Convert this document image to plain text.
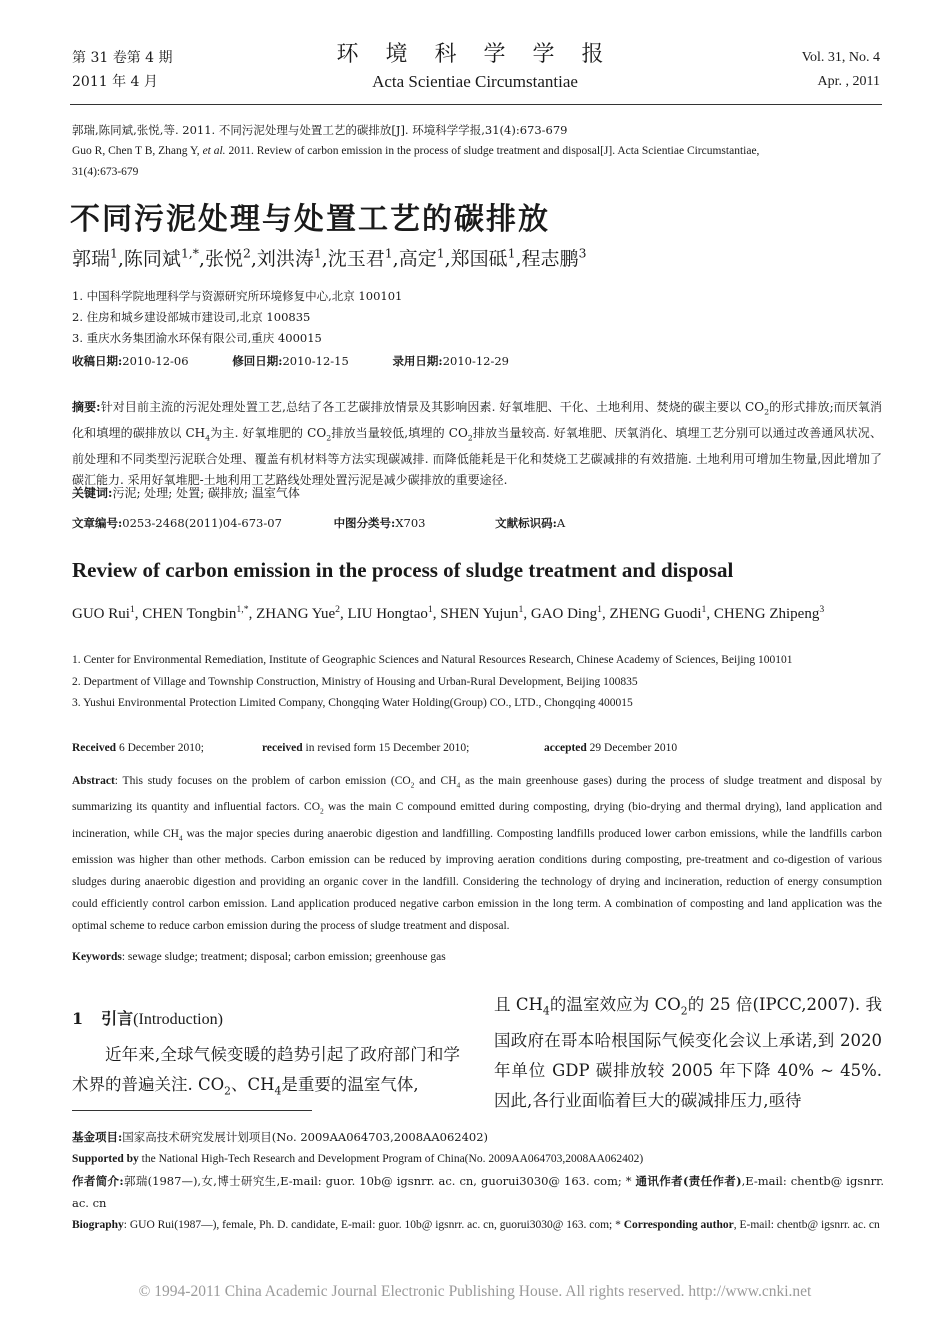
第 31 卷第 4 期
2011 年 4 月
环 境 科 学 学 报
Acta Scientiae Circumstantiae
Vol. 31, No. 4
Apr. , 2011
郭瑞,陈同斌,张悦,等. 2011. 不同污泥处理与处置工艺的碳排放[J]. 环境科学学报,31(4):673-679
Guo R, Chen T B, Zhang Y, et al. 2011. Review of carbon emission in the process of sludge treatment and disposal[J]. Acta Scientiae Circumstantiae,
31(4):673-679
不同污泥处理与处置工艺的碳排放
郭瑞$^1$,陈同斌$^{1,*}$,张悦$^2$,刘洪涛$^1$,沈玉君$^1$,高定$^1$,郑国砥$^1$,程志鹏$^3$
1. 中国科学院地理科学与资源研究所环境修复中心,北京 100101
2. 住房和城乡建设部城市建设司,北京 100835
3. 重庆水务集团渝水环保有限公司,重庆 400015
收稿日期:2010-12-06	修回日期:2010-12-15	录用日期:2010-12-29
摘要:针对目前主流的污泥处理处置工艺,总结了各工艺碳排放情景及其影响因素. 好氧堆肥、干化、土地利用、焚烧的碳主要以 $CO_2$的形式排放;而厌氧消化和填埋的碳排放以 $CH_4$为主. 好氧堆肥的 $CO_2$排放当量较低,填埋的 $CO_2$排放当量较高. 好氧堆肥、厌氧消化、填埋工艺分别可以通过改善通风状况、前处理和不同类型污泥联合处理、覆盖有机材料等方法实现碳减排. 而降低能耗是干化和焚烧工艺碳减排的有效措施. 土地利用可增加生物量,因此增加了碳汇能力. 采用好氧堆肥-土地利用工艺路线处理处置污泥是减少碳排放的重要途径.
关键词:污泥; 处理; 处置; 碳排放; 温室气体
文章编号:0253-2468(2011)04-673-07	中图分类号:X703	文献标识码:A
Review of carbon emission in the process of sludge treatment and disposal
GUO Rui$^1$, CHEN Tongbin$^{1,*}$, ZHANG Yue$^2$, LIU Hongtao$^1$, SHEN Yujun$^1$, GAO Ding$^1$, ZHENG Guodi$^1$, CHENG Zhipeng$^3$
1. Center for Environmental Remediation, Institute of Geographic Sciences and Natural Resources Research, Chinese Academy of Sciences, Beijing 100101
2. Department of Village and Township Construction, Ministry of Housing and Urban-Rural Development, Beijing 100835
3. Yushui Environmental Protection Limited Company, Chongqing Water Holding(Group) CO., LTD., Chongqing 400015
Received 6 December 2010;	received in revised form 15 December 2010;	accepted 29 December 2010
Abstract: This study focuses on the problem of carbon emission ($CO_2$ and $CH_4$ as the main greenhouse gases) during the process of sludge treatment and disposal by summarizing its quantity and influential factors. $CO_2$ was the main C compound emitted during composting, drying (bio-drying and thermal drying), land application and incineration, while $CH_4$ was the major species during anaerobic digestion and landfilling. Composting landfills produced lower carbon emissions, while the landfills carbon emission was higher than other methods. Carbon emission can be reduced by improving aeration conditions during composting, pre-treatment and co-digestion of various sludges during anaerobic digestion and providing an organic cover in the landfill. Considering the technology of drying and incineration, reduction of energy consumption could efficiently control carbon emission. Land application produced negative carbon emission in the long term. A combination of composting and land application was the optimal scheme to reduce carbon emission during the process of sludge treatment and disposal.
Keywords: sewage sludge; treatment; disposal; carbon emission; greenhouse gas
1 引言(Introduction)
近年来,全球气候变暖的趋势引起了政府部门和学术界的普遍关注. $CO_2$、$CH_4$是重要的温室气体,
且 $CH_4$的温室效应为 $CO_2$的 25 倍(IPCC,2007). 我国政府在哥本哈根国际气候变化会议上承诺,到 2020 年单位 GDP 碳排放较 2005 年下降 40% ~ 45%. 因此,各行业面临着巨大的碳减排压力,亟待
基金项目:国家高技术研究发展计划项目(No. 2009AA064703,2008AA062402)
Supported by the National High-Tech Research and Development Program of China(No. 2009AA064703,2008AA062402)
作者简介:郭瑞(1987—),女,博士研究生,E-mail: guor. 10b@ igsnrr. ac. cn, guorui3030@ 163. com; * 通讯作者(责任作者),E-mail: chentb@ igsnrr. ac. cn
Biography: GUO Rui(1987—), female, Ph. D. candidate, E-mail: guor. 10b@ igsnrr. ac. cn, guorui3030@ 163. com; * Corresponding author, E-mail: chentb@ igsnrr. ac. cn
© 1994-2011 China Academic Journal Electronic Publishing House. All rights reserved. http://www.cnki.net
